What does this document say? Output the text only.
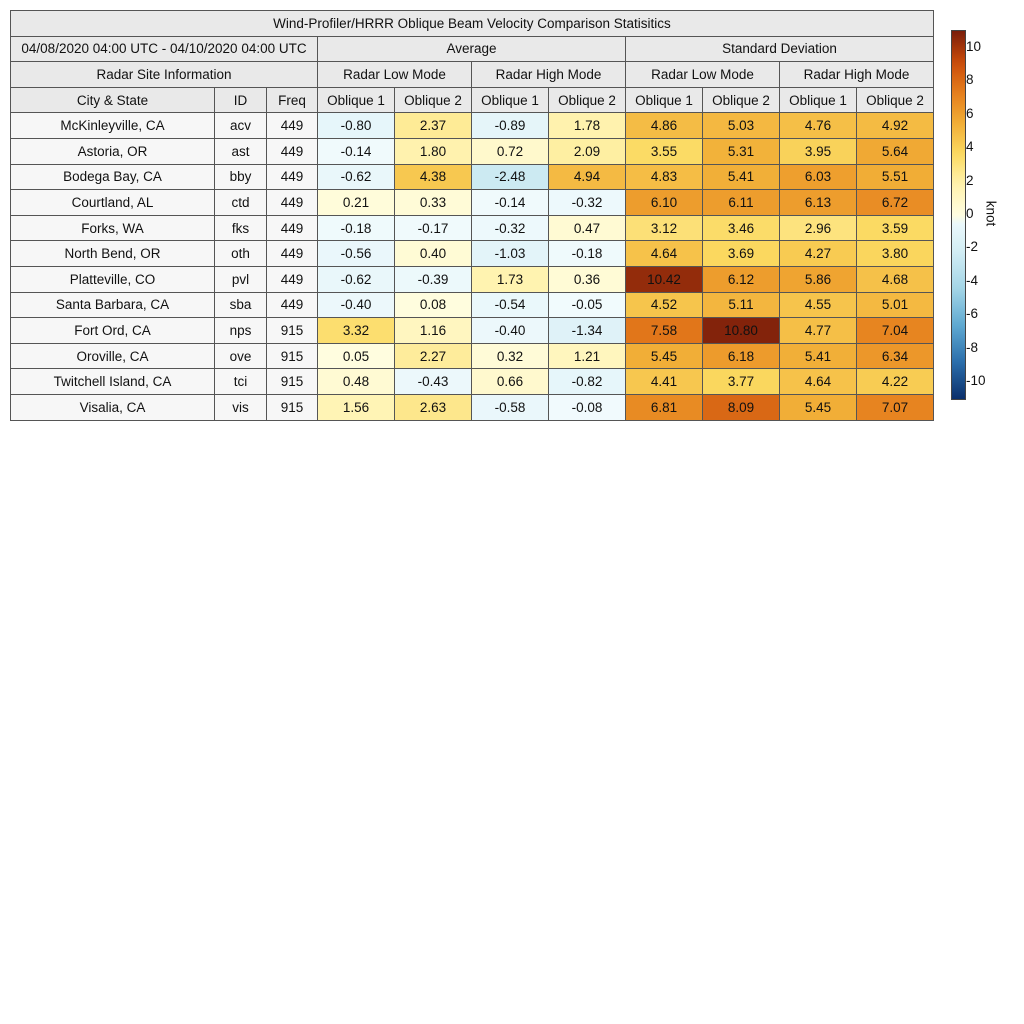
Wind-Profiler/HRRR Oblique Beam Velocity Comparison Statisitics										
04/08/2020 04:00 UTC - 04/10/2020 04:00 UTC			Average				Standard Deviation			
Radar Site Information			Radar Low Mode		Radar High Mode		Radar Low Mode		Radar High Mode	
City & State	ID	Freq	Oblique 1	Oblique 2	Oblique 1	Oblique 2	Oblique 1	Oblique 2	Oblique 1	Oblique 2
McKinleyville, CA	acv	449	-0.80	2.37	-0.89	1.78	4.86	5.03	4.76	4.92
Astoria, OR	ast	449	-0.14	1.80	0.72	2.09	3.55	5.31	3.95	5.64
Bodega Bay, CA	bby	449	-0.62	4.38	-2.48	4.94	4.83	5.41	6.03	5.51
Courtland, AL	ctd	449	0.21	0.33	-0.14	-0.32	6.10	6.11	6.13	6.72
Forks, WA	fks	449	-0.18	-0.17	-0.32	0.47	3.12	3.46	2.96	3.59
North Bend, OR	oth	449	-0.56	0.40	-1.03	-0.18	4.64	3.69	4.27	3.80
Platteville, CO	pvl	449	-0.62	-0.39	1.73	0.36	10.42	6.12	5.86	4.68
Santa Barbara, CA	sba	449	-0.40	0.08	-0.54	-0.05	4.52	5.11	4.55	5.01
Fort Ord, CA	nps	915	3.32	1.16	-0.40	-1.34	7.58	10.80	4.77	7.04
Oroville, CA	ove	915	0.05	2.27	0.32	1.21	5.45	6.18	5.41	6.34
Twitchell Island, CA	tci	915	0.48	-0.43	0.66	-0.82	4.41	3.77	4.64	4.22
Visalia, CA	vis	915	1.56	2.63	-0.58	-0.08	6.81	8.09	5.45	7.07
10
8
6
4
2
0
-2
-4
-6
-8
-10
knot
